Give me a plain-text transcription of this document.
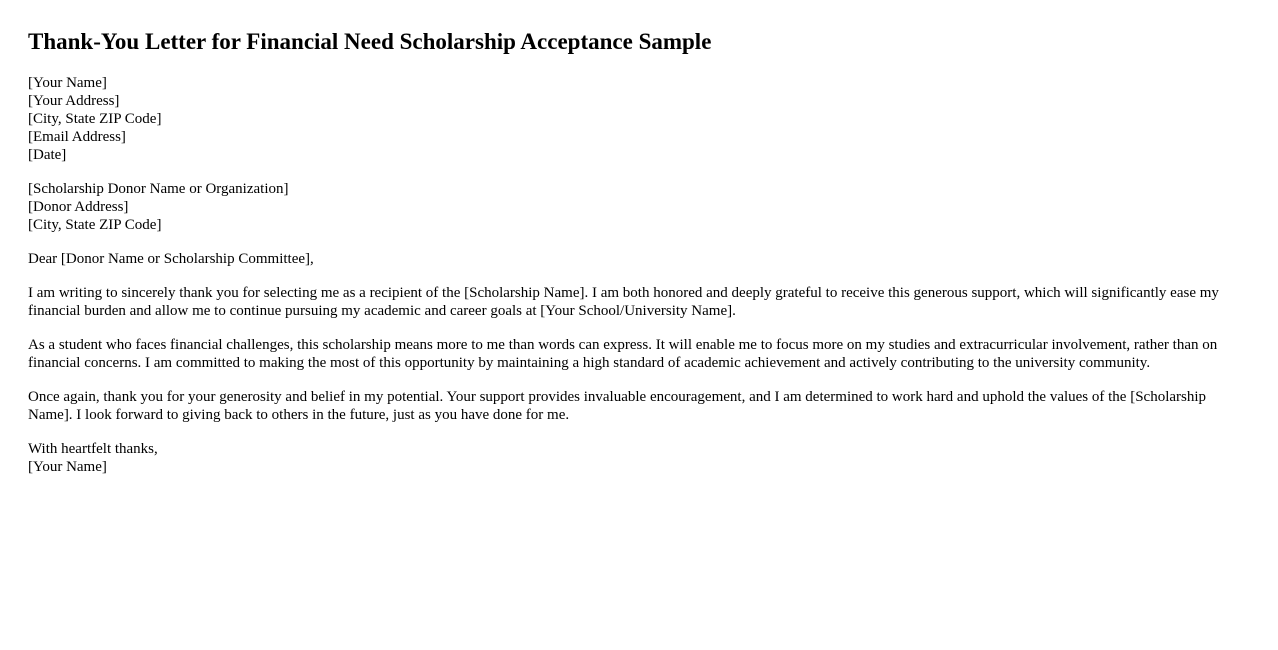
Thank-You Letter for Financial Need Scholarship Acceptance Sample
[Your Name]
[Your Address]
[City, State ZIP Code]
[Email Address]
[Date]
[Scholarship Donor Name or Organization]
[Donor Address]
[City, State ZIP Code]

Dear [Donor Name or Scholarship Committee],

I am writing to sincerely thank you for selecting me as a recipient of the [Scholarship Name]. I am both honored and deeply grateful to receive this generous support, which will significantly ease my financial burden and allow me to continue pursuing my academic and career goals at [Your School/University Name].

As a student who faces financial challenges, this scholarship means more to me than words can express. It will enable me to focus more on my studies and extracurricular involvement, rather than on financial concerns. I am committed to making the most of this opportunity by maintaining a high standard of academic achievement and actively contributing to the university community.

Once again, thank you for your generosity and belief in my potential. Your support provides invaluable encouragement, and I am determined to work hard and uphold the values of the [Scholarship Name]. I look forward to giving back to others in the future, just as you have done for me.

With heartfelt thanks,
[Your Name]
